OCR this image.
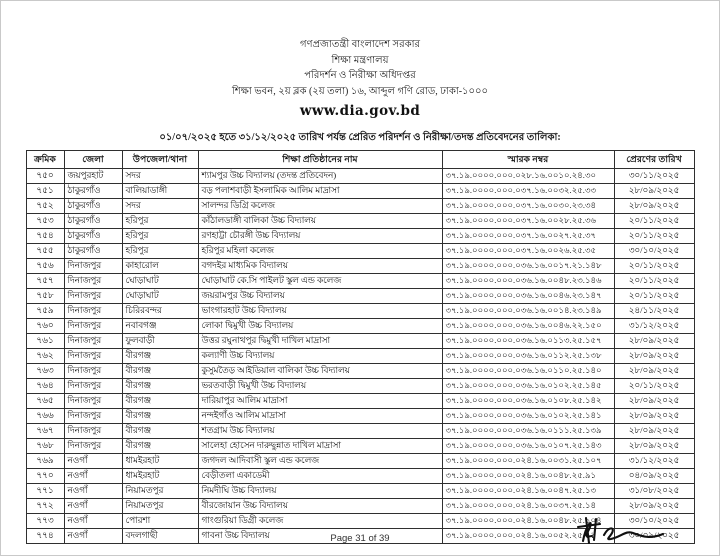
গণপ্রজাতন্ত্রী বাংলাদেশ সরকার
শিক্ষা মন্ত্রণালয়
পরিদর্শন ও নিরীক্ষা অধিদপ্তর
শিক্ষা ভবন, ২য় ব্লক (২য় তলা) ১৬, আব্দুল গণি রোড, ঢাকা-১০০০
www.dia.gov.bd
০১/০৭/২০২৫ হতে ৩১/১২/২০২৫ তারিখ পর্যন্ত প্রেরিত পরিদর্শন ও নিরীক্ষা/তদন্ত প্রতিবেদনের তালিকা:
ক্রমিক	জেলা	উপজেলা/থানা	শিক্ষা প্রতিষ্ঠানের নাম	স্মারক নম্বর	প্রেরণের তারিখ
৭৫০	জয়পুরহাট	সদর	শ্যামপুর উচ্চ বিদ্যালয় (তদন্ত প্রতিবেদন)	৩৭.১৯.০০০০.০০০.০২৮.১৬.০০১০.২৪.৩০	৩০/১১/২০২৫
৭৫১	ঠাকুরগাঁও	বালিয়াডাঙ্গী	বড় পলাশবাড়ী ইসলামিক আলিম মাদ্রাসা	৩৭.১৯.০০০০.০০০.০৩৭.১৬.০০৩২.২৫.৩৩	২৮/০৯/২০২৫
৭৫২	ঠাকুরগাঁও	সদর	সালন্দর ডিগ্রি কলেজ	৩৭.১৯.০০০০.০০০.০৩৭.১৬.০০৩০.২৩.৩৪	২৮/০৯/২০২৫
৭৫৩	ঠাকুরগাঁও	হরিপুর	কাঁঠালডাঙ্গী বালিকা উচ্চ বিদ্যালয়	৩৭.১৯.০০০০.০০০.০৩৭.১৬.০০২৮.২৫.৩৬	২০/১১/২০২৫
৭৫৪	ঠাকুরগাঁও	হরিপুর	রণহাট্টা চৌরঙ্গী উচ্চ বিদ্যালয়	৩৭.১৯.০০০০.০০০.০৩৭.১৬.০০২৭.২৫.৩৭	২০/১১/২০২৫
৭৫৫	ঠাকুরগাঁও	হরিপুর	হরিপুর মহিলা কলেজ	৩৭.১৯.০০০০.০০০.০৩৭.১৬.০০২৬.২৫.৩৫	৩০/১০/২০২৫
৭৫৬	দিনাজপুর	কাহারোল	বগদইর মাধ্যমিক বিদ্যালয়	৩৭.১৯.০০০০.০০০.০৩৬.১৬.০০১৭.২১.১৪৮	২০/১১/২০২৫
৭৫৭	দিনাজপুর	ঘোড়াঘাট	ঘোড়াঘাট কে.সি পাইলট স্কুল এন্ড কলেজ	৩৭.১৯.০০০০.০০০.০৩৬.১৬.০০৪৮.২৩.১৪৬	২০/১১/২০২৫
৭৫৮	দিনাজপুর	ঘোড়াঘাট	জয়রামপুর উচ্চ বিদ্যালয়	৩৭.১৯.০০০০.০০০.০৩৬.১৬.০০৪৬.২৩.১৪৭	২০/১১/২০২৫
৭৫৯	দিনাজপুর	চিরিরবন্দর	ভাংগারহাট উচ্চ বিদ্যালয়	৩৭.১৯.০০০০.০০০.০৩৬.১৬.০০১৪.২৩.১৪৯	২৪/১১/২০২৫
৭৬০	দিনাজপুর	নবাবগঞ্জ	লোকা দ্বিমুখী উচ্চ বিদ্যালয়	৩৭.১৯.০০০০.০০০.০৩৬.১৬.০০৪৬.২২.১৫০	৩১/১২/২০২৫
৭৬১	দিনাজপুর	ফুলবাড়ী	উত্তর রঘুনাথপুর দ্বিমুখী দাখিল মাদ্রাসা	৩৭.১৯.০০০০.০০০.০৩৬.১৬.০১১৩.২৫.১৫৭	২৮/০৯/২০২৫
৭৬২	দিনাজপুর	বীরগঞ্জ	কল্যাণী উচ্চ বিদ্যালয়	৩৭.১৯.০০০০.০০০.০৩৬.১৬.০১১২.২৫.১৩৮	২৮/০৯/২০২৫
৭৬৩	দিনাজপুর	বীরগঞ্জ	কুসুমতৈড় আইডিয়াল বালিকা উচ্চ বিদ্যালয়	৩৭.১৯.০০০০.০০০.০৩৬.১৬.০১১০.২৫.১৪০	২৮/০৯/২০২৫
৭৬৪	দিনাজপুর	বীরগঞ্জ	ভরতবাড়ী দ্বিমুখী উচ্চ বিদ্যালয়	৩৭.১৯.০০০০.০০০.০৩৬.১৬.০১০২.২৫.১৪৫	২০/১১/২০২৫
৭৬৫	দিনাজপুর	বীরগঞ্জ	দারিয়াপুর আলিম মাদ্রাসা	৩৭.১৯.০০০০.০০০.০৩৬.১৬.০১০৮.২৫.১৪২	২৮/০৯/২০২৫
৭৬৬	দিনাজপুর	বীরগঞ্জ	নন্দইগাঁও আলিম মাদ্রাসা	৩৭.১৯.০০০০.০০০.০৩৬.১৬.০১০২.২৫.১৪১	২৮/০৯/২০২৫
৭৬৭	দিনাজপুর	বীরগঞ্জ	শতগ্রাম উচ্চ বিদ্যালয়	৩৭.১৯.০০০০.০০০.০৩৬.১৬.০১১১.২৫.১৩৯	২৮/০৯/২০২৫
৭৬৮	দিনাজপুর	বীরগঞ্জ	সালেহা হোসেন দারুছুন্নাত দাখিল মাদ্রাসা	৩৭.১৯.০০০০.০০০.০৩৬.১৬.০১০৭.২৫.১৪৩	২৮/০৯/২০২৫
৭৬৯	নওগাঁ	ধামইরহাট	জগদল আদিবাসী স্কুল এন্ড কলেজ	৩৭.১৯.০০০০.০০০.০২৪.১৬.০০৩১.২৫.১০৭	৩১/১২/২০২৫
৭৭০	নওগাঁ	ধামইরহাট	বেড়ীতলা একাডেমী	৩৭.১৯.০০০০.০০০.০২৪.১৬.০০৪৮.২৫.৯১	০৪/০৯/২০২৫
৭৭১	নওগাঁ	নিয়ামতপুর	নিমদীঘি উচ্চ বিদ্যালয়	৩৭.১৯.০০০০.০০০.০২৪.১৬.০০৪৭.২৫.১৩	৩১/০৮/২০২৫
৭৭২	নওগাঁ	নিয়ামতপুর	বীরজোয়ান উচ্চ বিদ্যালয়	৩৭.১৯.০০০০.০০০.০২৪.১৬.০০৩৭.২৫.১৪	২৮/০৯/২০২৫
৭৭৩	নওগাঁ	পোরশা	গাংগুরিয়া ডিগ্রী কলেজ	৩৭.১৯.০০০০.০০০.০২৪.১৬.০০৪৮.২৫.১০৪	৩০/১০/২০২৫
৭৭৪	নওগাঁ	বদলগাছী	গাবনা উচ্চ বিদ্যালয়	৩৭.১৯.০০০০.০০০.০২৪.১৬.০০৫২.২৫.১১	৩০/০৯/২০২৫
Page 31 of 39
